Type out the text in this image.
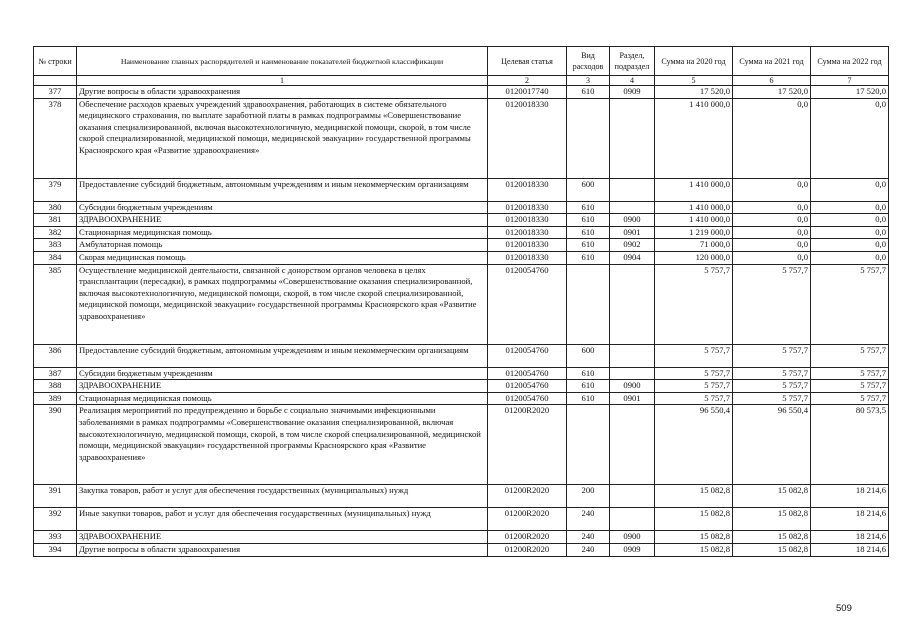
№ строки	Наименование главных распорядителей и наименование показателей бюджетной классификации	Целевая статья	Вид расходов	Раздел, подраздел	Сумма на 2020 год	Сумма на 2021 год	Сумма на 2022 год
	1	2	3	4	5	6	7
377	Другие вопросы в области здравоохранения	0120017740	610	0909	17 520,0	17 520,0	17 520,0
378	Обеспечение расходов краевых учреждений здравоохранения, работающих в системе обязательного медицинского страхования, по выплате заработной платы в рамках подпрограммы «Совершенствование оказания специализированной, включая высокотехнологичную, медицинской помощи, скорой, в том числе скорой специализированной, медицинской помощи, медицинской эвакуации» государственной программы Красноярского края «Развитие здравоохранения»	0120018330			1 410 000,0	0,0	0,0
379	Предоставление субсидий бюджетным, автономным учреждениям и иным некоммерческим организациям	0120018330	600		1 410 000,0	0,0	0,0
380	Субсидии бюджетным учреждениям	0120018330	610		1 410 000,0	0,0	0,0
381	ЗДРАВООХРАНЕНИЕ	0120018330	610	0900	1 410 000,0	0,0	0,0
382	Стационарная медицинская помощь	0120018330	610	0901	1 219 000,0	0,0	0,0
383	Амбулаторная помощь	0120018330	610	0902	71 000,0	0,0	0,0
384	Скорая медицинская помощь	0120018330	610	0904	120 000,0	0,0	0,0
385	Осуществление медицинской деятельности, связанной с донорством органов человека в целях трансплантации (пересадки), в рамках подпрограммы «Совершенствование оказания специализированной, включая высокотехнологичную, медицинской помощи, скорой, в том числе скорой специализированной, медицинской помощи, медицинской эвакуации» государственной программы Красноярского края «Развитие здравоохранения»	0120054760			5 757,7	5 757,7	5 757,7
386	Предоставление субсидий бюджетным, автономным учреждениям и иным некоммерческим организациям	0120054760	600		5 757,7	5 757,7	5 757,7
387	Субсидии бюджетным учреждениям	0120054760	610		5 757,7	5 757,7	5 757,7
388	ЗДРАВООХРАНЕНИЕ	0120054760	610	0900	5 757,7	5 757,7	5 757,7
389	Стационарная медицинская помощь	0120054760	610	0901	5 757,7	5 757,7	5 757,7
390	Реализация мероприятий по предупреждению и борьбе с социально значимыми инфекционными заболеваниями в рамках подпрограммы «Совершенствование оказания специализированной, включая высокотехнологичную, медицинской помощи, скорой, в том числе скорой специализированной, медицинской помощи, медицинской эвакуации» государственной программы Красноярского края «Развитие здравоохранения»	01200R2020			96 550,4	96 550,4	80 573,5
391	Закупка товаров, работ и услуг для обеспечения государственных (муниципальных) нужд	01200R2020	200		15 082,8	15 082,8	18 214,6
392	Иные закупки товаров, работ и услуг для обеспечения государственных (муниципальных) нужд	01200R2020	240		15 082,8	15 082,8	18 214,6
393	ЗДРАВООХРАНЕНИЕ	01200R2020	240	0900	15 082,8	15 082,8	18 214,6
394	Другие вопросы в области здравоохранения	01200R2020	240	0909	15 082,8	15 082,8	18 214,6
509
